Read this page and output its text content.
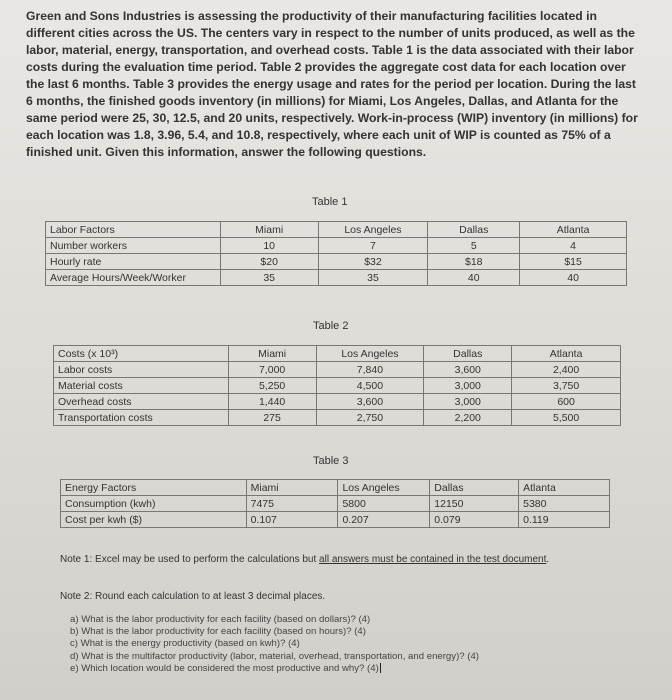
Green and Sons Industries is assessing the productivity of their manufacturing facilities located in different cities across the US. The centers vary in respect to the number of units produced, as well as the labor, material, energy, transportation, and overhead costs. Table 1 is the data associated with their labor costs during the evaluation time period. Table 2 provides the aggregate cost data for each location over the last 6 months. Table 3 provides the energy usage and rates for the period per location. During the last 6 months, the finished goods inventory (in millions) for Miami, Los Angeles, Dallas, and Atlanta for the same period were 25, 30, 12.5, and 20 units, respectively. Work-in-process (WIP) inventory (in millions) for each location was 1.8, 3.96, 5.4, and 10.8, respectively, where each unit of WIP is counted as 75% of a finished unit. Given this information, answer the following questions.
Table 1
Labor Factors	Miami	Los Angeles	Dallas	Atlanta
Number workers	10	7	5	4
Hourly rate	$20	$32	$18	$15
Average Hours/Week/Worker	35	35	40	40
Table 2
Costs (x 10³)	Miami	Los Angeles	Dallas	Atlanta
Labor costs	7,000	7,840	3,600	2,400
Material costs	5,250	4,500	3,000	3,750
Overhead costs	1,440	3,600	3,000	600
Transportation costs	275	2,750	2,200	5,500
Table 3
Energy Factors	Miami	Los Angeles	Dallas	Atlanta
Consumption (kwh)	7475	5800	12150	5380
Cost per kwh ($)	0.107	0.207	0.079	0.119
Note 1: Excel may be used to perform the calculations but all answers must be contained in the test document.
Note 2: Round each calculation to at least 3 decimal places.
a) What is the labor productivity for each facility (based on dollars)? (4)
b) What is the labor productivity for each facility (based on hours)? (4)
c) What is the energy productivity (based on kwh)? (4)
d) What is the multifactor productivity (labor, material, overhead, transportation, and energy)? (4)
e) Which location would be considered the most productive and why? (4)
